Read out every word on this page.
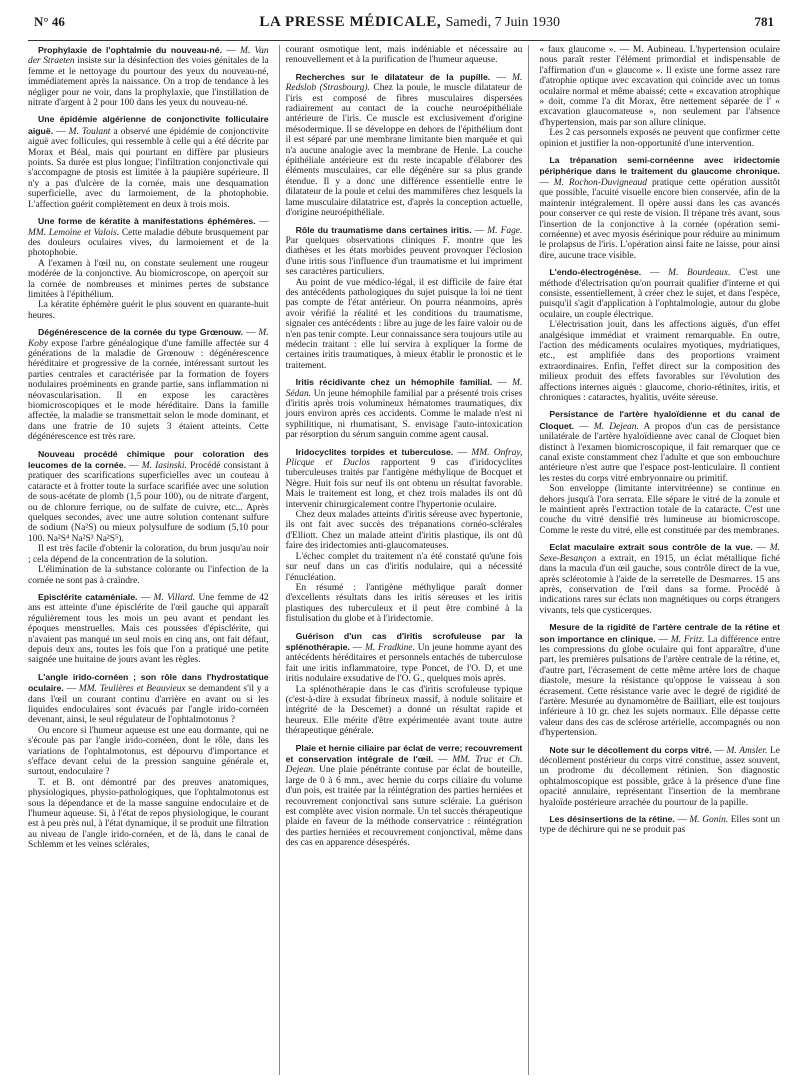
N° 46	LA PRESSE MÉDICALE, Samedi, 7 Juin 1930	781

Prophylaxie de l'ophtalmie du nouveau-né. — M. Van der Straeten insiste sur la désinfection des voies génitales de la femme et le nettoyage du pourtour des yeux du nouveau-né, immédiatement après la naissance. On a trop de tendance à les négliger pour ne voir, dans la prophylaxie, que l'instillation de nitrate d'argent à 2 pour 100 dans les yeux du nouveau-né.

Une épidémie algérienne de conjonctivite folliculaire aiguë. — M. Toulant a observé une épidémie de conjonctivite aiguë avec follicules, qui ressemble à celle qui a été décrite par Morax et Béal, mais qui pourtant en diffère par plusieurs points. Sa durée est plus longue; l'infiltration conjonctivale qui s'accompagne de ptosis est limitée à la paupière supérieure. Il n'y a pas d'ulcère de la cornée, mais une desquamation superficielle, avec du larmoiement, de la photophobie. L'affection guérit complètement en deux à trois mois.

Une forme de kératite à manifestations éphémères. — MM. Lemoine et Valois. Cette maladie débute brusquement par des douleurs oculaires vives, du larmoiement et de la photophobie.

A l'examen à l'œil nu, on constate seulement une rougeur modérée de la conjonctive. Au biomicroscope, on aperçoit sur la cornée de nombreuses et minimes pertes de substance limitées à l'épithélium.

La kératite éphémère guérit le plus souvent en quarante-huit heures.

Dégénérescence de la cornée du type Grœnouw. — M. Koby expose l'arbre généalogique d'une famille affectée sur 4 générations de la maladie de Grœnouw : dégénérescence héréditaire et progressive de la cornée, intéressant surtout les parties centrales et caractérisée par la formation de foyers nodulaires proéminents en grande partie, sans inflammation ni néovascularisation. Il en expose les caractères biomicroscopiques et le mode héréditaire. Dans la famille affectée, la maladie se transmettait selon le mode dominant, et dans une fratrie de 10 sujets 3 étaient atteints. Cette dégénérescence est très rare.

Nouveau procédé chimique pour coloration des leucomes de la cornée. — M. Iasinski. Procédé consistant à pratiquer des scarifications superficielles avec un couteau à cataracte et à frotter toute la surface scarifiée avec une solution de sous-acétate de plomb (1,5 pour 100), ou de nitrate d'argent, ou de chlorure ferrique, ou de sulfate de cuivre, etc... Après quelques secondes, avec une autre solution contenant sulfure de sodium (Na²S) ou mieux polysulfure de sodium (5,10 pour 100. Na²S⁴ Na²S³ Na²S⁵).

Il est très facile d'obtenir la coloration, du brun jusqu'au noir ; cela dépend de la concentration de la solution.

L'élimination de la substance colorante ou l'infection de la cornée ne sont pas à craindre.

Episclérite cataméniale. — M. Villard. Une femme de 42 ans est atteinte d'une épisclérite de l'œil gauche qui apparaît régulièrement tous les mois un peu avant et pendant les époques menstruelles. Mais ces poussées d'épisclérite, qui n'avaient pas manqué un seul mois en cinq ans, ont fait défaut, depuis deux ans, toutes les fois que l'on a pratiqué une petite saignée une huitaine de jours avant les règles.

L'angle irido-cornéen ; son rôle dans l'hydrostatique oculaire. — MM. Teulières et Beauvieux se demandent s'il y a dans l'œil un courant continu d'arrière en avant ou si les liquides endoculaires sont évacués par l'angle irido-cornéen devenant, ainsi, le seul régulateur de l'ophtalmotonus ?

Ou encore si l'humeur aqueuse est une eau dormante, qui ne s'écoule pas par l'angle irido-cornéen, dont le rôle, dans les variations de l'ophtalmotonus, est dépourvu d'importance et s'efface devant celui de la pression sanguine générale et, surtout, endoculaire ?

T. et B. ont démontré par des preuves anatomiques, physiologiques, physio-pathologiques, que l'ophtalmotonus est sous la dépendance et de la masse sanguine endoculaire et de l'humeur aqueuse. Si, à l'état de repos physiologique, le courant est à peu près nul, à l'état dynamique, il se produit une filtration au niveau de l'angle irido-cornéen, et de là, dans le canal de Schlemm et les veines sclérales,

courant osmotique lent, mais indéniable et nécessaire au renouvellement et à la purification de l'humeur aqueuse.

Recherches sur le dilatateur de la pupille. — M. Redslob (Strasbourg). Chez la poule, le muscle dilatateur de l'iris est composé de fibres musculaires dispersées radiairement au contact de la couche neuroépithéliale antérieure de l'iris. Ce muscle est exclusivement d'origine mésodermique. Il se développe en dehors de l'épithélium dont il est séparé par une membrane limitante bien marquée et qui n'a aucune analogie avec la membrane de Henle. La couche épithéliale antérieure est du reste incapable d'élaborer des éléments musculaires, car elle dégénère sur sa plus grande étendue. Il y a donc une différence essentielle entre le dilatateur de la poule et celui des mammifères chez lesquels la lame musculaire dilatatrice est, d'après la conception actuelle, d'origine neuroépithéliale.

Rôle du traumatisme dans certaines iritis. — M. Fage. Par quelques observations cliniques F. montre que les diathèses et les états morbides peuvent provoquer l'éclosion d'une iritis sous l'influence d'un traumatisme et lui impriment ses caractères particuliers.

Au point de vue médico-légal, il est difficile de faire état des antécédents pathologiques du sujet puisque la loi ne tient pas compte de l'état antérieur. On pourra néanmoins, après avoir vérifié la réalité et les conditions du traumatisme, signaler ces antécédents : libre au juge de les faire valoir ou de n'en pas tenir compte. Leur connaissance sera toujours utile au médecin traitant : elle lui servira à expliquer la forme de certaines iritis traumatiques, à mieux établir le pronostic et le traitement.

Iritis récidivante chez un hémophile familial. — M. Sédan. Un jeune hémophile familial par a présenté trois crises d'iritis après trois volumineux hématomes traumatiques, dix jours environ après ces accidents. Comme le malade n'est ni syphilitique, ni rhumatisant, S. envisage l'auto-intoxication par résorption du sérum sanguin comme agent causal.

Iridocyclites torpides et tuberculose. — MM. Onfray, Plicque et Duclos rapportent 9 cas d'iridocyclites tuberculeuses traités par l'antigène méthylique de Bocquet et Nègre. Huit fois sur neuf ils ont obtenu un résultat favorable. Mais le traitement est long, et chez trois malades ils ont dû intervenir chirurgicalement contre l'hypertonie oculaire.

Chez deux malades atteints d'iritis séreuse avec hypertonie, ils ont fait avec succès des trépanations cornéo-sclérales d'Elliott. Chez un malade atteint d'iritis plastique, ils ont dû faire des iridectomies anti-glaucomateuses.

L'échec complet du traitement n'a été constaté qu'une fois sur neuf dans un cas d'iritis nodulaire, qui a nécessité l'énucléation.

En résumé : l'antigène méthylique paraît donner d'excellents résultats dans les iritis séreuses et les iritis plastiques des tuberculeux et il peut être combiné à la fistulisation du globe et à l'iridectomie.

Guérison d'un cas d'iritis scrofuleuse par la splénothérapie. — M. Fradkine. Un jeune homme ayant des antécédents héréditaires et personnels entachés de tuberculose fait une iritis inflammatoire, type Poncet, de l'O. D, et une iritis nodulaire exsudative de l'O. G., quelques mois après.

La splénothérapie dans le cas d'iritis scrofuleuse typique (c'est-à-dire à exsudat fibrineux massif, à nodule solitaire et intégrité de la Descemet) a donné un résultat rapide et heureux. Elle mérite d'être expérimentée avant toute autre thérapeutique générale.

Plaie et hernie ciliaire par éclat de verre; recouvrement et conservation intégrale de l'œil. — MM. Truc et Ch. Dejean. Une plaie pénétrante contuse par éclat de bouteille, large de 0 à 6 mm., avec hernie du corps ciliaire du volume d'un pois, est traitée par la réintégration des parties herniées et recouvrement conjonctival sans suture scléraie. La guérison est complète avec vision normale. Un tel succès thérapeutique plaide en faveur de la méthode conservatrice : réintégration des parties herniées et recouvrement conjonctival, même dans des cas en apparence désespérés.

« faux glaucome ». — M. Aubineau. L'hypertension oculaire nous paraît rester l'élément primordial et indispensable de l'affirmation d'un « glaucome ». Il existe une forme assez rare d'atrophie optique avec excavation qui coïncide avec un tonus oculaire normal et même abaissé; cette « excavation atrophique » doit, comme l'a dit Morax, être nettement séparée de l' « excavation glaucomateuse », non seulement par l'absence d'hypertension, mais par son allure clinique.

Les 2 cas personnels exposés ne peuvent que confirmer cette opinion et justifier la non-opportunité d'une intervention.

La trépanation semi-cornéenne avec iridectomie périphérique dans le traitement du glaucome chronique. — M. Rochon-Duvigneaud pratique cette opération aussitôt que possible, l'acuité visuelle encore bien conservée, afin de la maintenir intégralement. Il opère aussi dans les cas avancés pour conserver ce qui reste de vision. Il trépane très avant, sous l'insertion de la conjonctive à la cornée (opération semi-cornéenne) et avec myosis ésérinique pour réduire au minimum le prolapsus de l'iris. L'opération ainsi faite ne laisse, pour ainsi dire, aucune trace visible.

L'endo-électrogénèse. — M. Bourdeaux. C'est une méthode d'électrisation qu'on pourrait qualifier d'interne et qui consiste, essentiellement, à créer chez le sujet, et dans l'espèce, puisqu'il s'agit d'application à l'ophtalmologie, autour du globe oculaire, un couple électrique.

L'électrisation jouit, dans les affections aiguës, d'un effet analgésique immédiat et vraiment remarquable. En outre, l'action des médicaments oculaires myotiques, mydriatiques, etc., est amplifiée dans des proportions vraiment extraordinaires. Enfin, l'effet direct sur la composition des milieux produit des effets favorables sur l'évolution des affections internes aiguës : glaucome, chorio-rétinites, iritis, et chroniques : cataractes, hyalitis, uvéite séreuse.

Persistance de l'artère hyaloïdienne et du canal de Cloquet. — M. Dejean. A propos d'un cas de persistance unilatérale de l'artère hyaloïdienne avec canal de Cloquet bien distinct à l'examen biomicroscopique, il fait remarquer que ce canal existe constamment chez l'adulte et que son embouchure antérieure n'est autre que l'espace post-lenticulaire. Il contient les restes du corps vitré embryonnaire ou primitif.

Son enveloppe (limitante intervitréenne) se continue en dehors jusqu'à l'ora serrata. Elle sépare le vitré de la zonule et le maintient après l'extraction totale de la cataracte. C'est une couche du vitré densifié très lumineuse au biomicroscope. Comme le reste du vitré, elle est constituée par des membranes.

Eclat maculaire extrait sous contrôle de la vue. — M. Sexe-Besançon a extrait, en 1915, un éclat métallique fiché dans la macula d'un œil gauche, sous contrôle direct de la vue, après sclérotomie à l'aide de la serretelle de Desmarres. 15 ans après, conservation de l'œil dans sa forme. Procédé à indications rares sur éclats non magnétiques ou corps étrangers vivants, tels que cysticerques.

Mesure de la rigidité de l'artère centrale de la rétine et son importance en clinique. — M. Fritz. La différence entre les compressions du globe oculaire qui font apparaître, d'une part, les premières pulsations de l'artère centrale de la rétine, et, d'autre part, l'écrasement de cette même artère lors de chaque diastole, mesure la résistance qu'oppose le vaisseau à son écrasement. Cette résistance varie avec le degré de rigidité de l'artère. Mesurée au dynamomètre de Bailliart, elle est toujours inférieure à 10 gr. chez les sujets normaux. Elle dépasse cette valeur dans des cas de sclérose artérielle, accompagnés ou non d'hypertension.

Note sur le décollement du corps vitré. — M. Amsler. Le décollement postérieur du corps vitré constitue, assez souvent, un prodrome du décollement rétinien. Son diagnostic ophtalmoscopique est possible, grâce à la présence d'une fine opacité annulaire, représentant l'insertion de la membrane hyaloïde postérieure arrachée du pourtour de la papille.

Les désinsertions de la rétine. — M. Gonin. Elles sont un type de déchirure qui ne se produit pas
